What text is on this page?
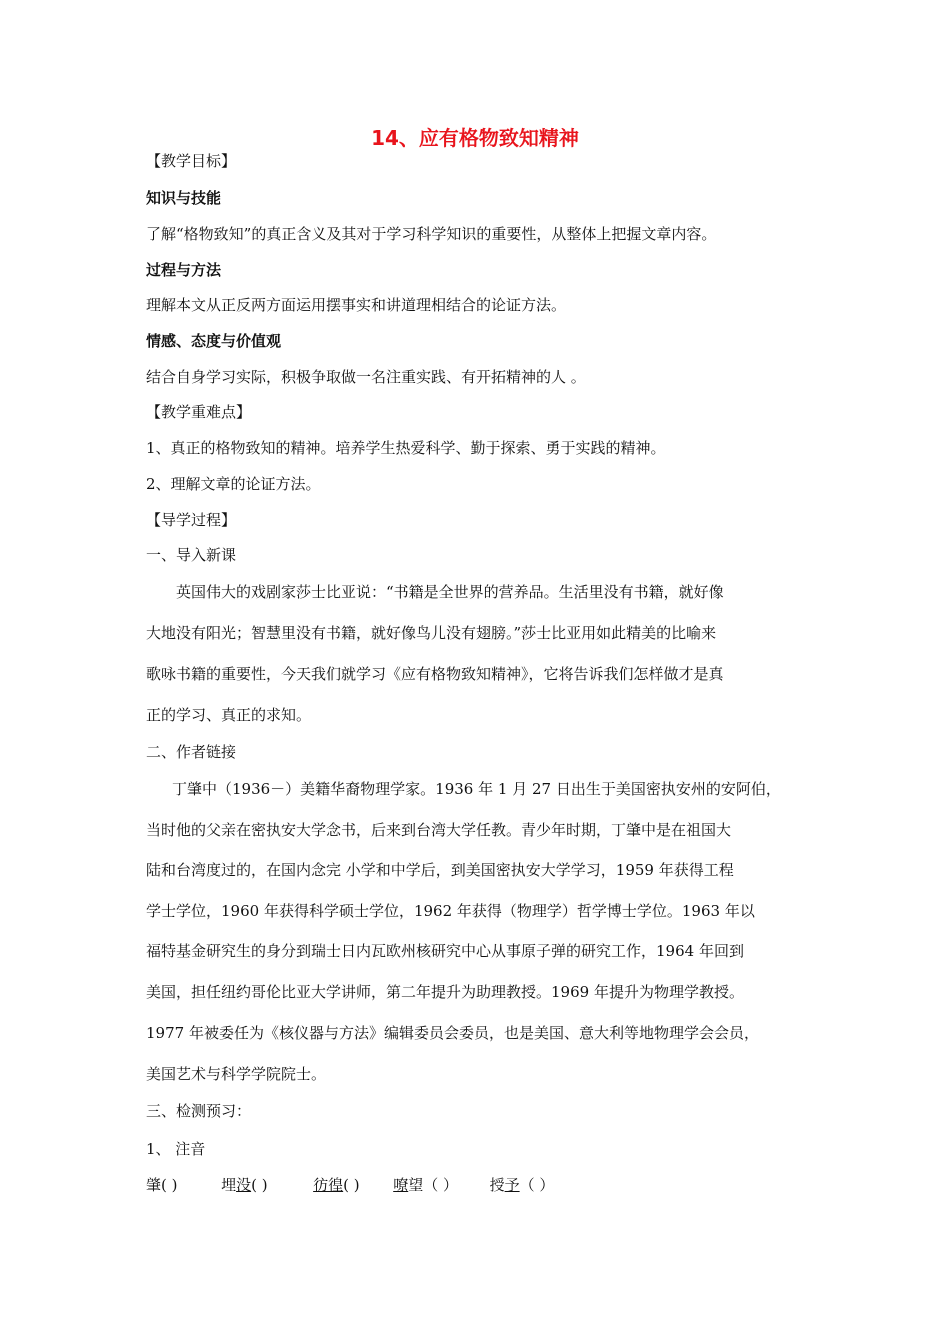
14、应有格物致知精神
【教学目标】
知识与技能
了解“格物致知”的真正含义及其对于学习科学知识的重要性，从整体上把握文章内容。
过程与方法
理解本文从正反两方面运用摆事实和讲道理相结合的论证方法。
情感、态度与价值观
结合自身学习实际，积极争取做一名注重实践、有开拓精神的人 。
【教学重难点】
1、真正的格物致知的精神。培养学生热爱科学、勤于探索、勇于实践的精神。
2、理解文章的论证方法。
【导学过程】
一、导入新课
英国伟大的戏剧家莎士比亚说：“书籍是全世界的营养品。生活里没有书籍，就好像
大地没有阳光；智慧里没有书籍，就好像鸟儿没有翅膀。”莎士比亚用如此精美的比喻来
歌咏书籍的重要性，今天我们就学习《应有格物致知精神》，它将告诉我们怎样做才是真
正的学习、真正的求知。
二、作者链接
丁肇中（1936－）美籍华裔物理学家。1936 年 1 月 27 日出生于美国密执安州的安阿伯，
当时他的父亲在密执安大学念书，后来到台湾大学任教。青少年时期，丁肇中是在祖国大
陆和台湾度过的，在国内念完 小学和中学后，到美国密执安大学学习，1959 年获得工程
学士学位，1960 年获得科学硕士学位，1962 年获得（物理学）哲学博士学位。1963 年以
福特基金研究生的身分到瑞士日内瓦欧州核研究中心从事原子弹的研究工作，1964 年回到
美国，担任纽约哥伦比亚大学讲师，第二年提升为助理教授。1969 年提升为物理学教授。
1977 年被委任为《核仪器与方法》编辑委员会委员，也是美国、意大利等地物理学会会员，
美国艺术与科学学院院士。
三、检测预习：
1、 注音
肇( )	埋没( )	彷徨( ) 嘹望（ ） 授予（ ）
